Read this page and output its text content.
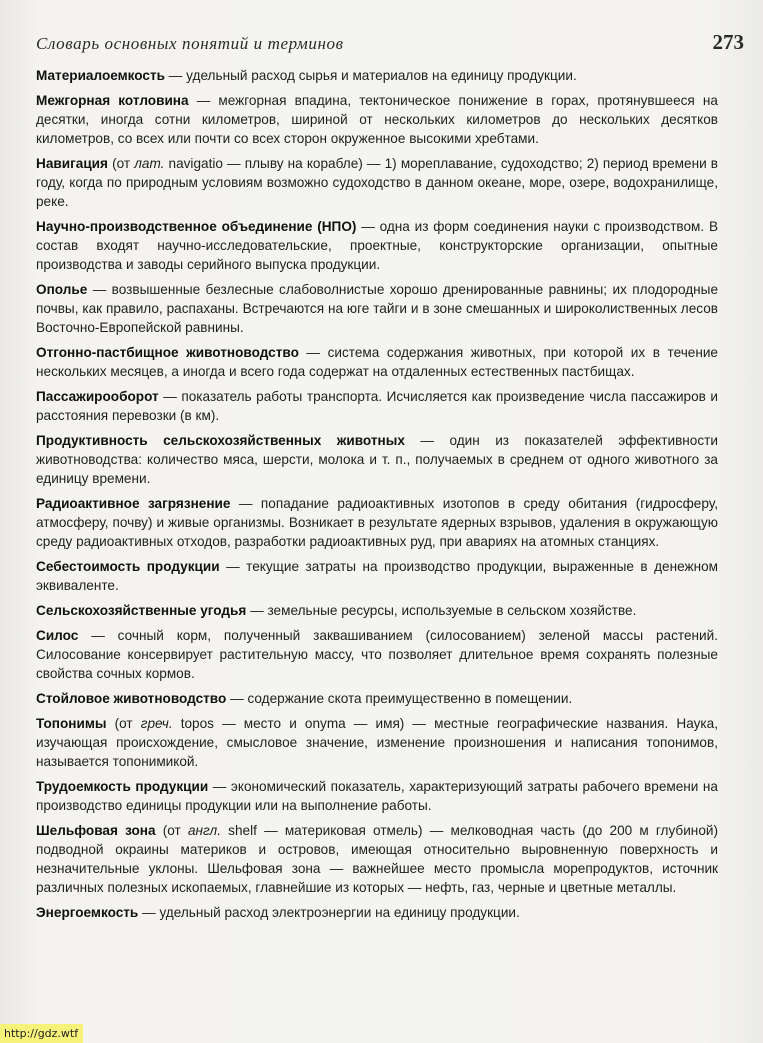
Словарь основных понятий и терминов	273

Материалоемкость — удельный расход сырья и материалов на единицу продукции.

Межгорная котловина — межгорная впадина, тектоническое понижение в горах, протянувшееся на десятки, иногда сотни километров, шириной от нескольких километров до нескольких десятков километров, со всех или почти со всех сторон окруженное высокими хребтами.

Навигация (от лат. navigatio — плыву на корабле) — 1) мореплавание, судоходство; 2) период времени в году, когда по природным условиям возможно судоходство в данном океане, море, озере, водохранилище, реке.

Научно-производственное объединение (НПО) — одна из форм соединения науки с производством. В состав входят научно-исследовательские, проектные, конструкторские организации, опытные производства и заводы серийного выпуска продукции.

Ополье — возвышенные безлесные слабоволнистые хорошо дренированные равнины; их плодородные почвы, как правило, распаханы. Встречаются на юге тайги и в зоне смешанных и широколиственных лесов Восточно-Европейской равнины.

Отгонно-пастбищное животноводство — система содержания животных, при которой их в течение нескольких месяцев, а иногда и всего года содержат на отдаленных естественных пастбищах.

Пассажирооборот — показатель работы транспорта. Исчисляется как произведение числа пассажиров и расстояния перевозки (в км).

Продуктивность сельскохозяйственных животных — один из показателей эффективности животноводства: количество мяса, шерсти, молока и т. п., получаемых в среднем от одного животного за единицу времени.

Радиоактивное загрязнение — попадание радиоактивных изотопов в среду обитания (гидросферу, атмосферу, почву) и живые организмы. Возникает в результате ядерных взрывов, удаления в окружающую среду радиоактивных отходов, разработки радиоактивных руд, при авариях на атомных станциях.

Себестоимость продукции — текущие затраты на производство продукции, выраженные в денежном эквиваленте.

Сельскохозяйственные угодья — земельные ресурсы, используемые в сельском хозяйстве.

Силос — сочный корм, полученный заквашиванием (силосованием) зеленой массы растений. Силосование консервирует растительную массу, что позволяет длительное время сохранять полезные свойства сочных кормов.

Стойловое животноводство — содержание скота преимущественно в помещении.

Топонимы (от греч. topos — место и onyma — имя) — местные географические названия. Наука, изучающая происхождение, смысловое значение, изменение произношения и написания топонимов, называется топонимикой.

Трудоемкость продукции — экономический показатель, характеризующий затраты рабочего времени на производство единицы продукции или на выполнение работы.

Шельфовая зона (от англ. shelf — материковая отмель) — мелководная часть (до 200 м глубиной) подводной окраины материков и островов, имеющая относительно выровненную поверхность и незначительные уклоны. Шельфовая зона — важнейшее место промысла морепродуктов, источник различных полезных ископаемых, главнейшие из которых — нефть, газ, черные и цветные металлы.

Энергоемкость — удельный расход электроэнергии на единицу продукции.

http://gdz.wtf
